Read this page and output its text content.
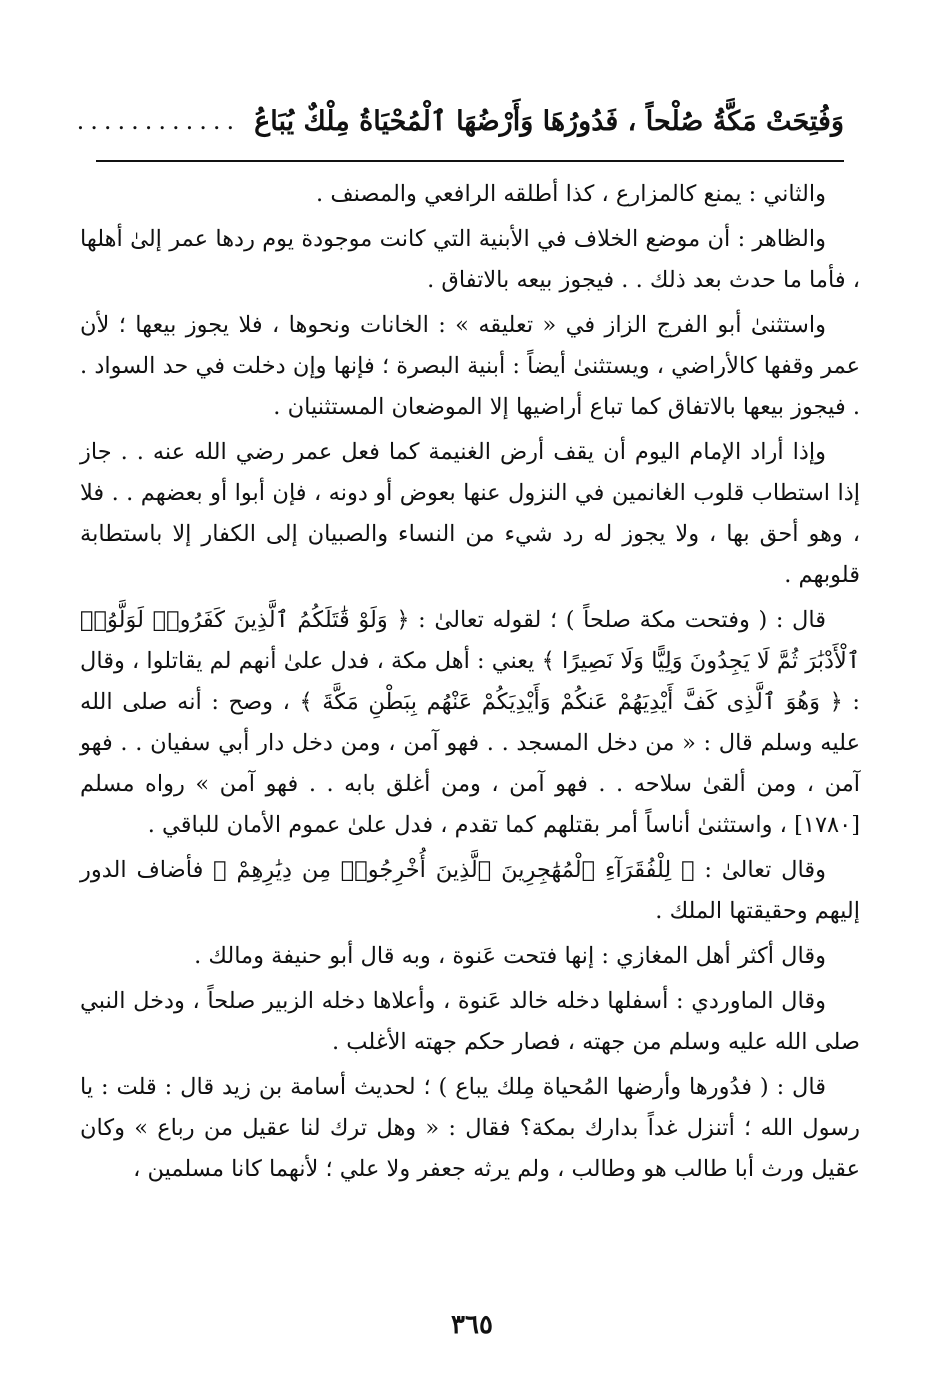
وَفُتِحَتْ مَكَّةُ صُلْحاً ، فَدُورُهَا وَأَرْضُهَا ٱلْمُحْيَاةُ مِلْكٌ يُبَاعُ
............

والثاني : يمنع كالمزارع ، كذا أطلقه الرافعي والمصنف .

والظاهر : أن موضع الخلاف في الأبنية التي كانت موجودة يوم ردها عمر إلىٰ أهلها ، فأما ما حدث بعد ذلك . . فيجوز بيعه بالاتفاق .

واستثنىٰ أبو الفرج الزاز في « تعليقه » : الخانات ونحوها ، فلا يجوز بيعها ؛ لأن عمر وقفها كالأراضي ، ويستثنىٰ أيضاً : أبنية البصرة ؛ فإنها وإن دخلت في حد السواد . . فيجوز بيعها بالاتفاق كما تباع أراضيها إلا الموضعان المستثنيان .

وإذا أراد الإمام اليوم أن يقف أرض الغنيمة كما فعل عمر رضي الله عنه . . جاز إذا استطاب قلوب الغانمين في النزول عنها بعوض أو دونه ، فإن أبوا أو بعضهم . . فلا ، وهو أحق بها ، ولا يجوز له رد شيء من النساء والصبيان إلى الكفار إلا باستطابة قلوبهم .

قال : ( وفتحت مكة صلحاً ) ؛ لقوله تعالىٰ : ﴿ وَلَوْ قَٰتَلَكُمُ ٱلَّذِينَ كَفَرُوا۟ لَوَلَّوُا۟ ٱلْأَدْبَٰرَ ثُمَّ لَا يَجِدُونَ وَلِيًّا وَلَا نَصِيرًا ﴾ يعني : أهل مكة ، فدل علىٰ أنهم لم يقاتلوا ، وقال : ﴿ وَهُوَ ٱلَّذِى كَفَّ أَيْدِيَهُمْ عَنكُمْ وَأَيْدِيَكُمْ عَنْهُم بِبَطْنِ مَكَّةَ ﴾ ، وصح : أنه صلى الله عليه وسلم قال : « من دخل المسجد . . فهو آمن ، ومن دخل دار أبي سفيان . . فهو آمن ، ومن ألقىٰ سلاحه . . فهو آمن ، ومن أغلق بابه . . فهو آمن » رواه مسلم [١٧٨٠] ، واستثنىٰ أناساً أمر بقتلهم كما تقدم ، فدل علىٰ عموم الأمان للباقي .

وقال تعالىٰ : ﴿ لِلْفُقَرَآءِ ٱلْمُهَٰجِرِينَ ٱلَّذِينَ أُخْرِجُوا۟ مِن دِيَٰرِهِمْ ﴾ فأضاف الدور إليهم وحقيقتها الملك .

وقال أكثر أهل المغازي : إنها فتحت عَنوة ، وبه قال أبو حنيفة ومالك .

وقال الماوردي : أسفلها دخله خالد عَنوة ، وأعلاها دخله الزبير صلحاً ، ودخل النبي صلى الله عليه وسلم من جهته ، فصار حكم جهته الأغلب .

قال : ( فدُورها وأرضها المُحياة مِلك يباع ) ؛ لحديث أسامة بن زيد قال : قلت : يا رسول الله ؛ أتنزل غداً بدارك بمكة؟ فقال : « وهل ترك لنا عقيل من رباع » وكان عقيل ورث أبا طالب هو وطالب ، ولم يرثه جعفر ولا علي ؛ لأنهما كانا مسلمين ،

٣٦٥
